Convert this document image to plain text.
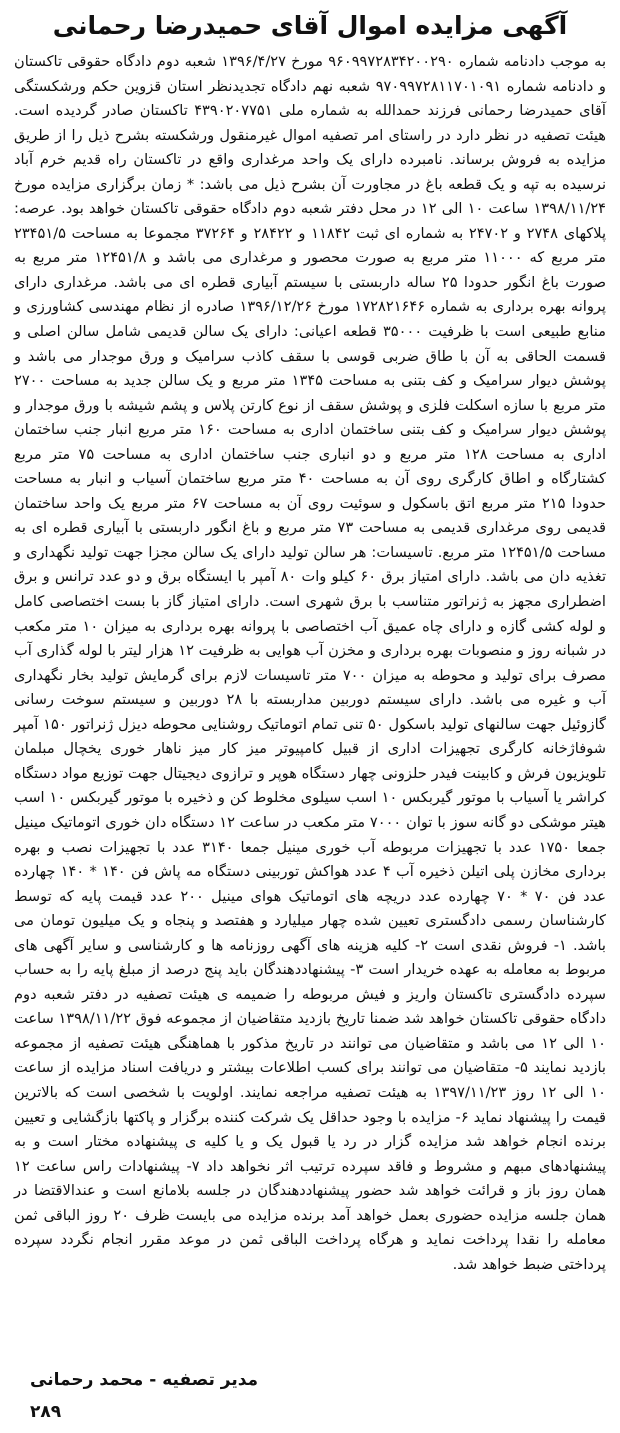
آگهی مزایده اموال آقای حمیدرضا رحمانی

به موجب دادنامه شماره ۹۶۰۹۹۷۲۸۳۴۲۰۰۲۹۰ مورخ ۱۳۹۶/۴/۲۷ شعبه دوم دادگاه حقوقی تاکستان و دادنامه شماره ۹۷۰۹۹۷۲۸۱۱۷۰۱۰۹۱ شعبه نهم دادگاه تجدیدنظر استان قزوین حکم ورشکستگی آقای حمیدرضا رحمانی فرزند حمدالله به شماره ملی ۴۳۹۰۲۰۷۷۵۱ تاکستان صادر گردیده است. هیئت تصفیه در نظر دارد در راستای امر تصفیه اموال غیرمنقول ورشکسته بشرح ذیل را از طریق مزایده به فروش برساند. نامبرده دارای یک واحد مرغداری واقع در تاکستان راه قدیم خرم آباد نرسیده به تپه و یک قطعه باغ در مجاورت آن بشرح ذیل می باشد: * زمان برگزاری مزایده مورخ ۱۳۹۸/۱۱/۲۴ ساعت ۱۰ الی ۱۲ در محل دفتر شعبه دوم دادگاه حقوقی تاکستان خواهد بود. عرصه: پلاکهای ۲۷۴۸ و ۲۴۷۰۲ به شماره ای ثبت ۱۱۸۴۲ و ۲۸۴۲۲ و ۳۷۲۶۴ مجموعا به مساحت ۲۳۴۵۱/۵ متر مربع که ۱۱۰۰۰ متر مربع به صورت محصور و مرغداری می باشد و ۱۲۴۵۱/۸ متر مربع به صورت باغ انگور حدودا ۲۵ ساله داربستی با سیستم آبیاری قطره ای می باشد. مرغداری دارای پروانه بهره برداری به شماره ۱۷۲۸۲۱۶۴۶ مورخ ۱۳۹۶/۱۲/۲۶ صادره از نظام مهندسی کشاورزی و منابع طبیعی است با ظرفیت ۳۵۰۰۰ قطعه اعیانی: دارای یک سالن قدیمی شامل سالن اصلی و قسمت الحاقی به آن با طاق ضربی قوسی با سقف کاذب سرامیک و ورق موجدار می باشد و پوشش دیوار سرامیک و کف بتنی به مساحت ۱۳۴۵ متر مربع و یک سالن جدید به مساحت ۲۷۰۰ متر مربع با سازه اسکلت فلزی و پوشش سقف از نوع کارتن پلاس و پشم شیشه با ورق موجدار و پوشش دیوار سرامیک و کف بتنی ساختمان اداری به مساحت ۱۶۰ متر مربع انبار جنب ساختمان اداری به مساحت ۱۲۸ متر مربع و دو انباری جنب ساختمان اداری به مساحت ۷۵ متر مربع کشتارگاه و اطاق کارگری روی آن به مساحت ۴۰ متر مربع ساختمان آسیاب و انبار به مساحت حدودا ۲۱۵ متر مربع اتق باسکول و سوئیت روی آن به مساحت ۶۷ متر مربع یک واحد ساختمان قدیمی روی مرغداری قدیمی به مساحت ۷۳ متر مربع و باغ انگور داربستی با آبیاری قطره ای به مساحت ۱۲۴۵۱/۵ متر مربع. تاسیسات: هر سالن تولید دارای یک سالن مجزا جهت تولید نگهداری و تغذیه دان می باشد. دارای امتیاز برق ۶۰ کیلو وات ۸۰ آمپر با ایستگاه برق و دو عدد ترانس و برق اضطراری مجهز به ژنراتور متناسب با برق شهری است. دارای امتیاز گاز با بست اختصاصی کامل و لوله کشی گازه و دارای چاه عمیق آب اختصاصی با پروانه بهره برداری به میزان ۱۰ متر مکعب در شبانه روز و منصوبات بهره برداری و مخزن آب هوایی به ظرفیت ۱۲ هزار لیتر با لوله گذاری آب مصرف برای تولید و محوطه به میزان ۷۰۰ متر تاسیسات لازم برای گرمایش تولید بخار نگهداری آب و غیره می باشد. دارای سیستم دوربین مداربسته با ۲۸ دوربین و سیستم سوخت رسانی گازوئیل جهت سالنهای تولید باسکول ۵۰ تنی تمام اتوماتیک روشنایی محوطه دیزل ژنراتور ۱۵۰ آمپر شوفاژخانه کارگری تجهیزات اداری از قبیل کامپیوتر میز کار میز ناهار خوری یخچال مبلمان تلویزیون فرش و کابینت فیدر حلزونی چهار دستگاه هوپر و ترازوی دیجیتال جهت توزیع مواد دستگاه کراشر یا آسیاب با موتور گیربکس ۱۰ اسب سیلوی مخلوط کن و ذخیره با موتور گیربکس ۱۰ اسب هیتر موشکی دو گانه سوز با توان ۷۰۰۰ متر مکعب در ساعت ۱۲ دستگاه دان خوری اتوماتیک مینیل جمعا ۱۷۵۰ عدد با تجهیزات مربوطه آب خوری مینیل جمعا ۳۱۴۰ عدد با تجهیزات نصب و بهره برداری مخازن پلی اتیلن ذخیره آب ۴ عدد هواکش توربینی دستگاه مه پاش فن ۱۴۰ * ۱۴۰ چهارده عدد فن ۷۰ * ۷۰ چهارده عدد دریچه های اتوماتیک هوای مینیل ۲۰۰ عدد قیمت پایه که توسط کارشناسان رسمی دادگستری تعیین شده چهار میلیارد و هفتصد و پنجاه و یک میلیون تومان می باشد. ۱- فروش نقدی است ۲- کلیه هزینه های آگهی روزنامه ها و کارشناسی و سایر آگهی های مربوط به معامله به عهده خریدار است ۳- پیشنهاددهندگان باید پنج درصد از مبلغ پایه را به حساب سپرده دادگستری تاکستان واریز و فیش مربوطه را ضمیمه ی هیئت تصفیه در دفتر شعبه دوم دادگاه حقوقی تاکستان خواهد شد ضمنا تاریخ بازدید متقاضیان از مجموعه فوق ۱۳۹۸/۱۱/۲۲ ساعت ۱۰ الی ۱۲ می باشد و متقاضیان می توانند در تاریخ مذکور با هماهنگی هیئت تصفیه از مجموعه بازدید نمایند ۵- متقاضیان می توانند برای کسب اطلاعات بیشتر و دریافت اسناد مزایده از ساعت ۱۰ الی ۱۲ روز ۱۳۹۷/۱۱/۲۳ به هیئت تصفیه مراجعه نمایند. اولویت با شخصی است که بالاترین قیمت را پیشنهاد نماید ۶- مزایده با وجود حداقل یک شرکت کننده برگزار و پاکتها بازگشایی و تعیین برنده انجام خواهد شد مزایده گزار در رد یا قبول یک و یا کلیه ی پیشنهاده مختار است و به پیشنهادهای مبهم و مشروط و فاقد سپرده ترتیب اثر نخواهد داد ۷- پیشنهادات راس ساعت ۱۲ همان روز باز و قرائت خواهد شد حضور پیشنهاددهندگان در جلسه بلامانع است و عندالاقتضا در همان جلسه مزایده حضوری بعمل خواهد آمد برنده مزایده می بایست ظرف ۲۰ روز الباقی ثمن معامله را نقدا پرداخت نماید و هرگاه پرداخت الباقی ثمن در موعد مقرر انجام نگردد سپرده پرداختی ضبط خواهد شد.

مدیر تصفیه - محمد رحمانی
۲۸۹
